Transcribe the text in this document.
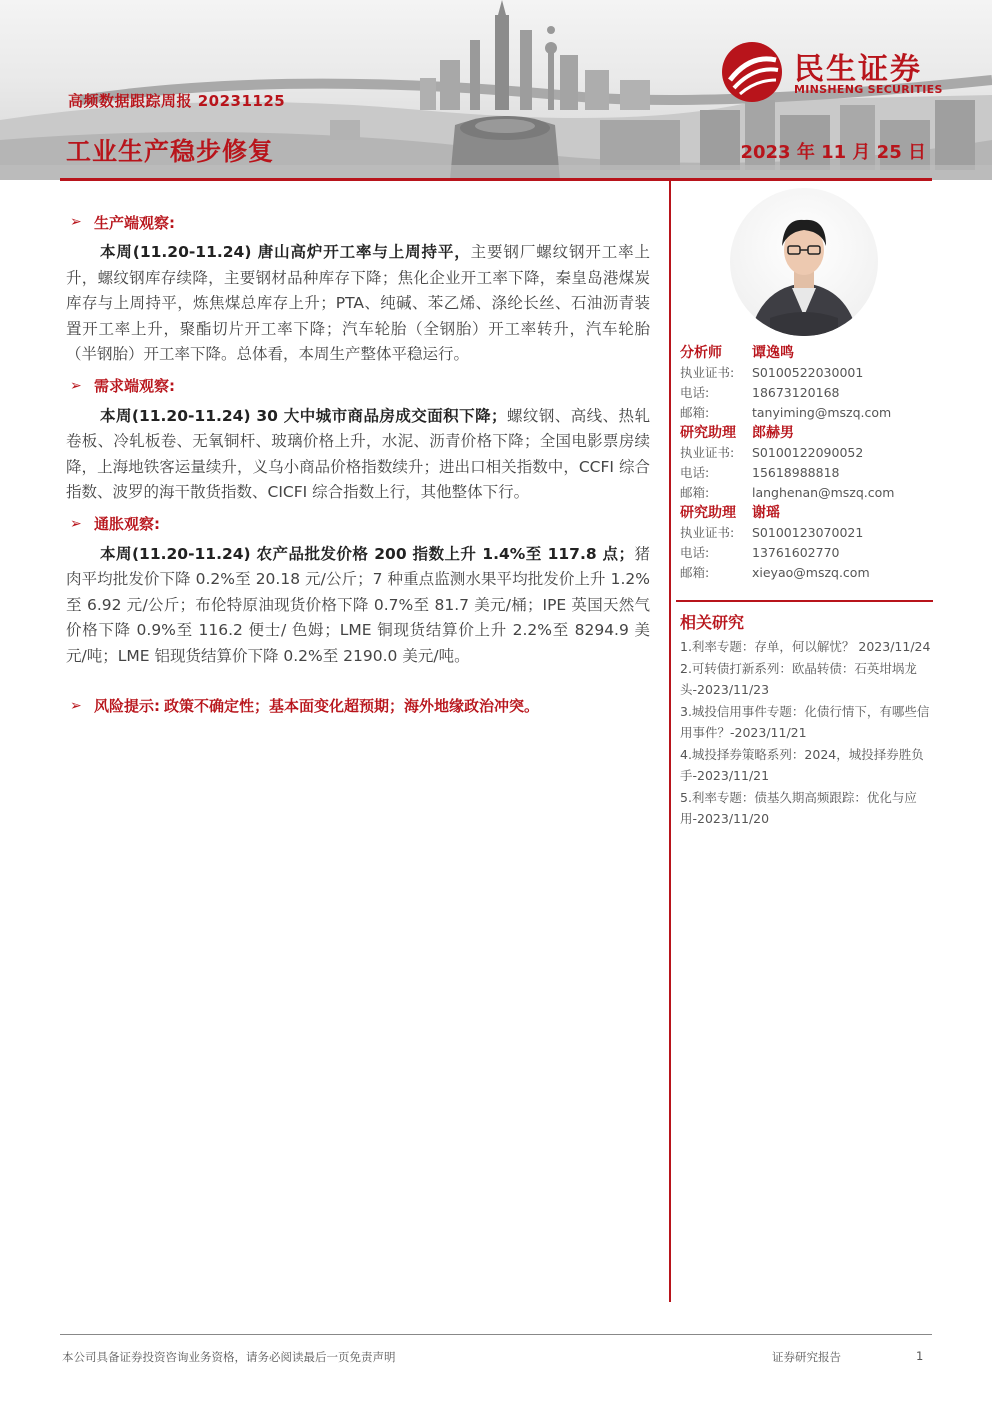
高频数据跟踪周报 20231125
工业生产稳步修复	2023 年 11 月 25 日
民生证券
MINSHENG SECURITIES
➢ 生产端观察:

本周(11.20-11.24) 唐山高炉开工率与上周持平，主要钢厂螺纹钢开工率上升，螺纹钢库存续降，主要钢材品种库存下降；焦化企业开工率下降，秦皇岛港煤炭库存与上周持平，炼焦煤总库存上升；PTA、纯碱、苯乙烯、涤纶长丝、石油沥青装置开工率上升，聚酯切片开工率下降；汽车轮胎（全钢胎）开工率转升，汽车轮胎（半钢胎）开工率下降。总体看，本周生产整体平稳运行。

➢ 需求端观察:

本周(11.20-11.24) 30 大中城市商品房成交面积下降；螺纹钢、高线、热轧卷板、冷轧板卷、无氧铜杆、玻璃价格上升，水泥、沥青价格下降；全国电影票房续降，上海地铁客运量续升，义乌小商品价格指数续升；进出口相关指数中，CCFI 综合指数、波罗的海干散货指数、CICFI 综合指数上行，其他整体下行。

➢ 通胀观察:

本周(11.20-11.24) 农产品批发价格 200 指数上升 1.4%至 117.8 点；猪肉平均批发价下降 0.2%至 20.18 元/公斤；7 种重点监测水果平均批发价上升 1.2%至 6.92 元/公斤；布伦特原油现货价格下降 0.7%至 81.7 美元/桶；IPE 英国天然气价格下降 0.9%至 116.2 便士/ 色姆；LME 铜现货结算价上升 2.2%至 8294.9 美元/吨；LME 铝现货结算价下降 0.2%至 2190.0 美元/吨。

➢ 风险提示: 政策不确定性；基本面变化超预期；海外地缘政治冲突。
分析师	谭逸鸣
执业证书:	S0100522030001
电话:	18673120168
邮箱:	tanyiming@mszq.com
研究助理	郎赫男
执业证书:	S0100122090052
电话:	15618988818
邮箱:	langhenan@mszq.com
研究助理	谢瑶
执业证书:	S0100123070021
电话:	13761602770
邮箱:	xieyao@mszq.com
相关研究
1.利率专题：存单，何以解忧？ 2023/11/24
2.可转债打新系列：欧晶转债：石英坩埚龙头-2023/11/23
3.城投信用事件专题：化债行情下，有哪些信用事件？-2023/11/21
4.城投择券策略系列：2024，城投择券胜负手-2023/11/21
5.利率专题：债基久期高频跟踪：优化与应用-2023/11/20
本公司具备证券投资咨询业务资格，请务必阅读最后一页免责声明	证券研究报告	1
